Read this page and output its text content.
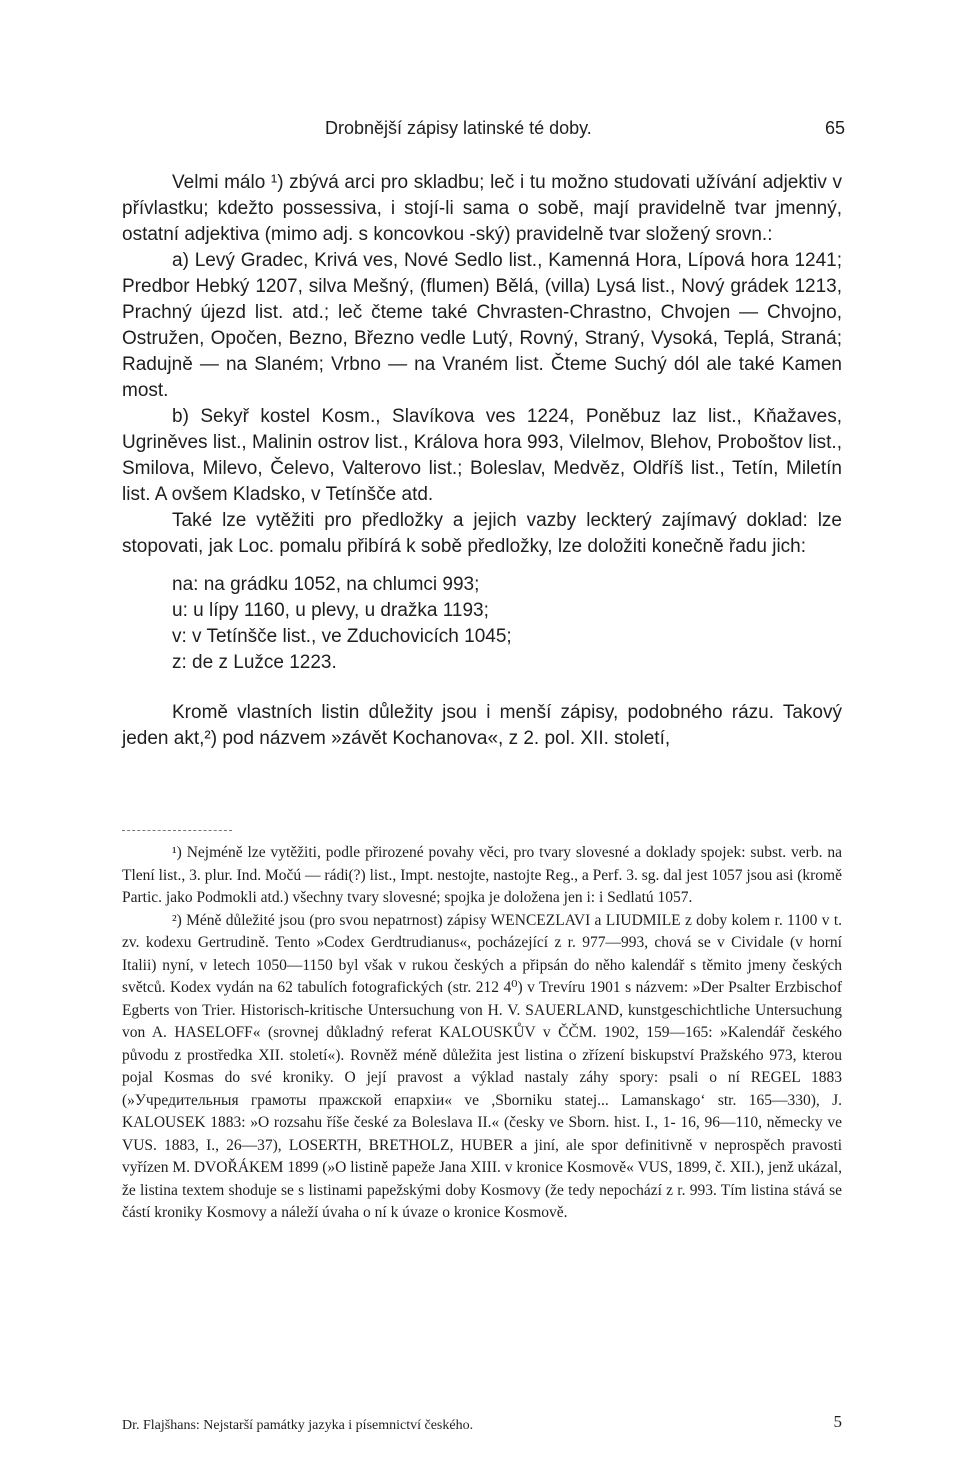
Drobnější zápisy latinské té doby.	65

Velmi málo ¹) zbývá arci pro skladbu; leč i tu možno studovati užívání adjektiv v přívlastku; kdežto possessiva, i stojí-li sama o sobě, mají pravidelně tvar jmenný, ostatní adjektiva (mimo adj. s koncovkou -ský) pravidelně tvar složený srovn.:

a) Levý Gradec, Krivá ves, Nové Sedlo list., Kamenná Hora, Lípová hora 1241; Predbor Hebký 1207, silva Mešný, (flumen) Bělá, (villa) Lysá list., Nový grádek 1213, Prachný újezd list. atd.; leč čteme také Chvrasten-Chrastno, Chvojen — Chvojno, Ostružen, Opočen, Bezno, Březno vedle Lutý, Rovný, Straný, Vysoká, Teplá, Straná; Radujně — na Slaném; Vrbno — na Vraném list. Čteme Suchý dól ale také Kamen most.

b) Sekyř kostel Kosm., Slavíkova ves 1224, Poněbuz laz list., Kňažaves, Ugriněves list., Malinin ostrov list., Králova hora 993, Vilelmov, Blehov, Proboštov list., Smilova, Milevo, Čelevo, Valterovo list.; Boleslav, Medvěz, Oldříš list., Tetín, Miletín list. A ovšem Kladsko, v Tetínšče atd.

Také lze vytěžiti pro předložky a jejich vazby leckterý zajímavý doklad: lze stopovati, jak Loc. pomalu přibírá k sobě předložky, lze doložiti konečně řadu jich:

na: na grádku 1052, na chlumci 993;
u: u lípy 1160, u plevy, u dražka 1193;
v: v Tetínšče list., ve Zduchovicích 1045;
z: de z Lužce 1223.

Kromě vlastních listin důležity jsou i menší zápisy, podobného rázu. Takový jeden akt,²) pod názvem »závět Kochanova«, z 2. pol. XII. století,

¹) Nejméně lze vytěžiti, podle přirozené povahy věci, pro tvary slovesné a doklady spojek: subst. verb. na Tlení list., 3. plur. Ind. Močú — rádi(?) list., Impt. nestojte, nastojte Reg., a Perf. 3. sg. dal jest 1057 jsou asi (kromě Partic. jako Podmokli atd.) všechny tvary slovesné; spojka je doložena jen i: i Sedlatú 1057.

²) Méně důležité jsou (pro svou nepatrnost) zápisy WENCEZLAVI a LIUDMILE z doby kolem r. 1100 v t. zv. kodexu Gertrudině. Tento »Codex Gerdtrudianus«, pocházející z r. 977—993, chová se v Cividale (v horní Italii) nyní, v letech 1050—1150 byl však v rukou českých a připsán do něho kalendář s těmito jmeny českých světců. Kodex vydán na 62 tabulích fotografických (str. 212 4⁰) v Trevíru 1901 s názvem: »Der Psalter Erzbischof Egberts von Trier. Historisch-kritische Untersuchung von H. V. SAUERLAND, kunstgeschichtliche Untersuchung von A. HASELOFF« (srovnej důkladný referat KALOUSKŮV v ČČM. 1902, 159—165: »Kalendář českého původu z prostředka XII. století«). Rovněž méně důležita jest listina o zřízení biskupství Pražského 973, kterou pojal Kosmas do své kroniky. O její pravost a výklad nastaly záhy spory: psali o ní REGEL 1883 (»Учредительныя грамоты пражской епархіи« ve ,Sborniku statej... Lamanskago‘ str. 165—330), J. KALOUSEK 1883: »O rozsahu říše české za Boleslava II.« (česky ve Sborn. hist. I., 1- 16, 96—110, německy ve VUS. 1883, I., 26—37), LOSERTH, BRETHOLZ, HUBER a jiní, ale spor definitivně v neprospěch pravosti vyřízen M. DVOŘÁKEM 1899 (»O listině papeže Jana XIII. v kronice Kosmově« VUS, 1899, č. XII.), jenž ukázal, že listina textem shoduje se s listinami papežskými doby Kosmovy (že tedy nepochází z r. 993. Tím listina stává se částí kroniky Kosmovy a náleží úvaha o ní k úvaze o kronice Kosmově.

Dr. Flajšhans: Nejstarší památky jazyka i písemnictví českého.	5
